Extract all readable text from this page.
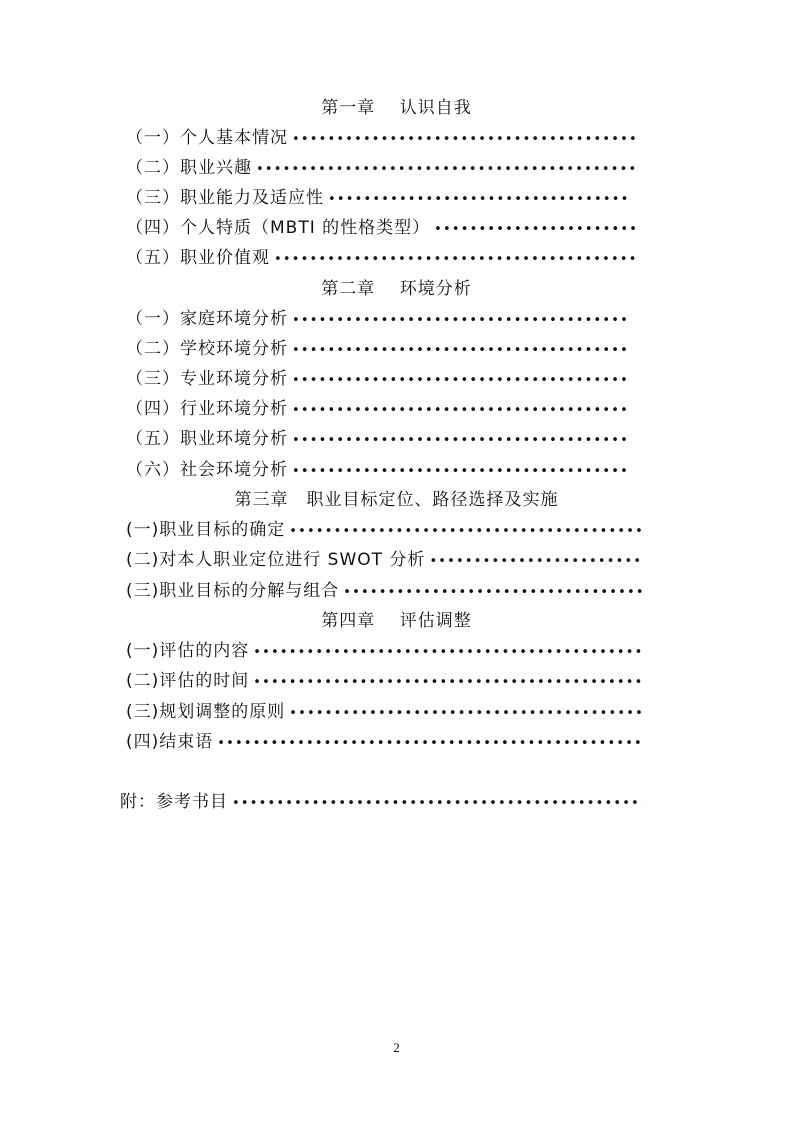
第一章　 认识自我
（一）个人基本情况
•••••
（二）职业兴趣
•••••
（三）职业能力及适应性
•••••
（四）个人特质（MBTI 的性格类型）
•••••
（五）职业价值观
•••••
第二章　 环境分析
（一）家庭环境分析
•••••
（二）学校环境分析
•••••
（三）专业环境分析
•••••
（四）行业环境分析
•••••
（五）职业环境分析
•••••
（六）社会环境分析
•••••
第三章　职业目标定位、路径选择及实施
(一)职业目标的确定
•••••
(二)对本人职业定位进行 SWOT 分析
•••••
(三)职业目标的分解与组合
•••••
第四章　 评估调整
(一)评估的内容
•••••
(二)评估的时间
•••••
(三)规划调整的原则
•••••
(四)结束语
•••••
附：参考书目
•••••
2
